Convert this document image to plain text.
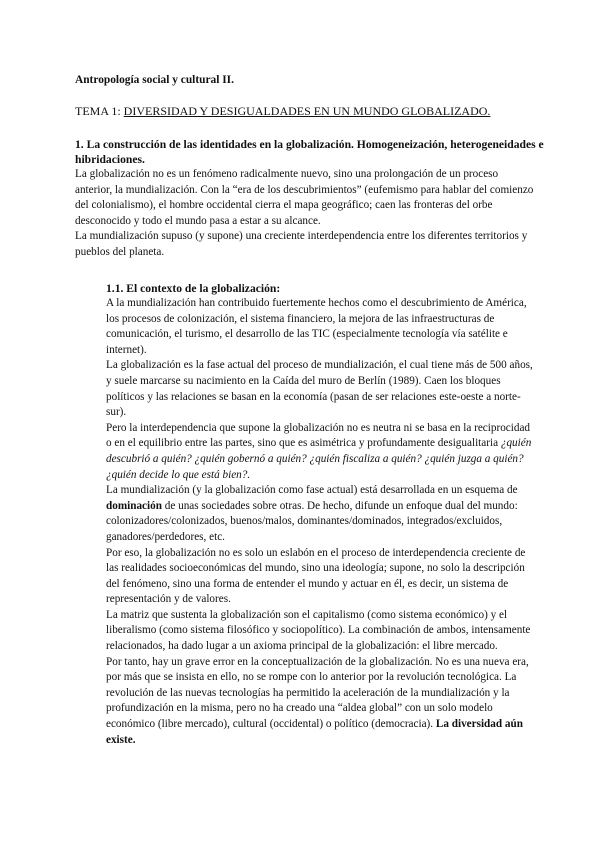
Antropología social y cultural II.

TEMA 1: DIVERSIDAD Y DESIGUALDADES EN UN MUNDO GLOBALIZADO.

1. La construcción de las identidades en la globalización. Homogeneización, heterogeneidades e hibridaciones.

La globalización no es un fenómeno radicalmente nuevo, sino una prolongación de un proceso anterior, la mundialización. Con la “era de los descubrimientos” (eufemismo para hablar del comienzo del colonialismo), el hombre occidental cierra el mapa geográfico; caen las fronteras del orbe desconocido y todo el mundo pasa a estar a su alcance.
La mundialización supuso (y supone) una creciente interdependencia entre los diferentes territorios y pueblos del planeta.

1.1. El contexto de la globalización:

A la mundialización han contribuido fuertemente hechos como el descubrimiento de América, los procesos de colonización, el sistema financiero, la mejora de las infraestructuras de comunicación, el turismo, el desarrollo de las TIC (especialmente tecnología vía satélite e internet).

La globalización es la fase actual del proceso de mundialización, el cual tiene más de 500 años, y suele marcarse su nacimiento en la Caída del muro de Berlín (1989). Caen los bloques políticos y las relaciones se basan en la economía (pasan de ser relaciones este-oeste a norte-sur).

Pero la interdependencia que supone la globalización no es neutra ni se basa en la reciprocidad o en el equilibrio entre las partes, sino que es asimétrica y profundamente desigualitaria ¿quién descubrió a quién? ¿quién gobernó a quién? ¿quién fiscaliza a quién? ¿quién juzga a quién? ¿quién decide lo que está bien?.

La mundialización (y la globalización como fase actual) está desarrollada en un esquema de dominación de unas sociedades sobre otras. De hecho, difunde un enfoque dual del mundo: colonizadores/colonizados, buenos/malos, dominantes/dominados, integrados/excluidos, ganadores/perdedores, etc.

Por eso, la globalización no es solo un eslabón en el proceso de interdependencia creciente de las realidades socioeconómicas del mundo, sino una ideología; supone, no solo la descripción del fenómeno, sino una forma de entender el mundo y actuar en él, es decir, un sistema de representación y de valores.

La matriz que sustenta la globalización son el capitalismo (como sistema económico) y el liberalismo (como sistema filosófico y sociopolítico). La combinación de ambos, intensamente relacionados, ha dado lugar a un axioma principal de la globalización: el libre mercado.

Por tanto, hay un grave error en la conceptualización de la globalización. No es una nueva era, por más que se insista en ello, no se rompe con lo anterior por la revolución tecnológica. La revolución de las nuevas tecnologías ha permitido la aceleración de la mundialización y la profundización en la misma, pero no ha creado una “aldea global” con un solo modelo económico (libre mercado), cultural (occidental) o político (democracia). La diversidad aún existe.
